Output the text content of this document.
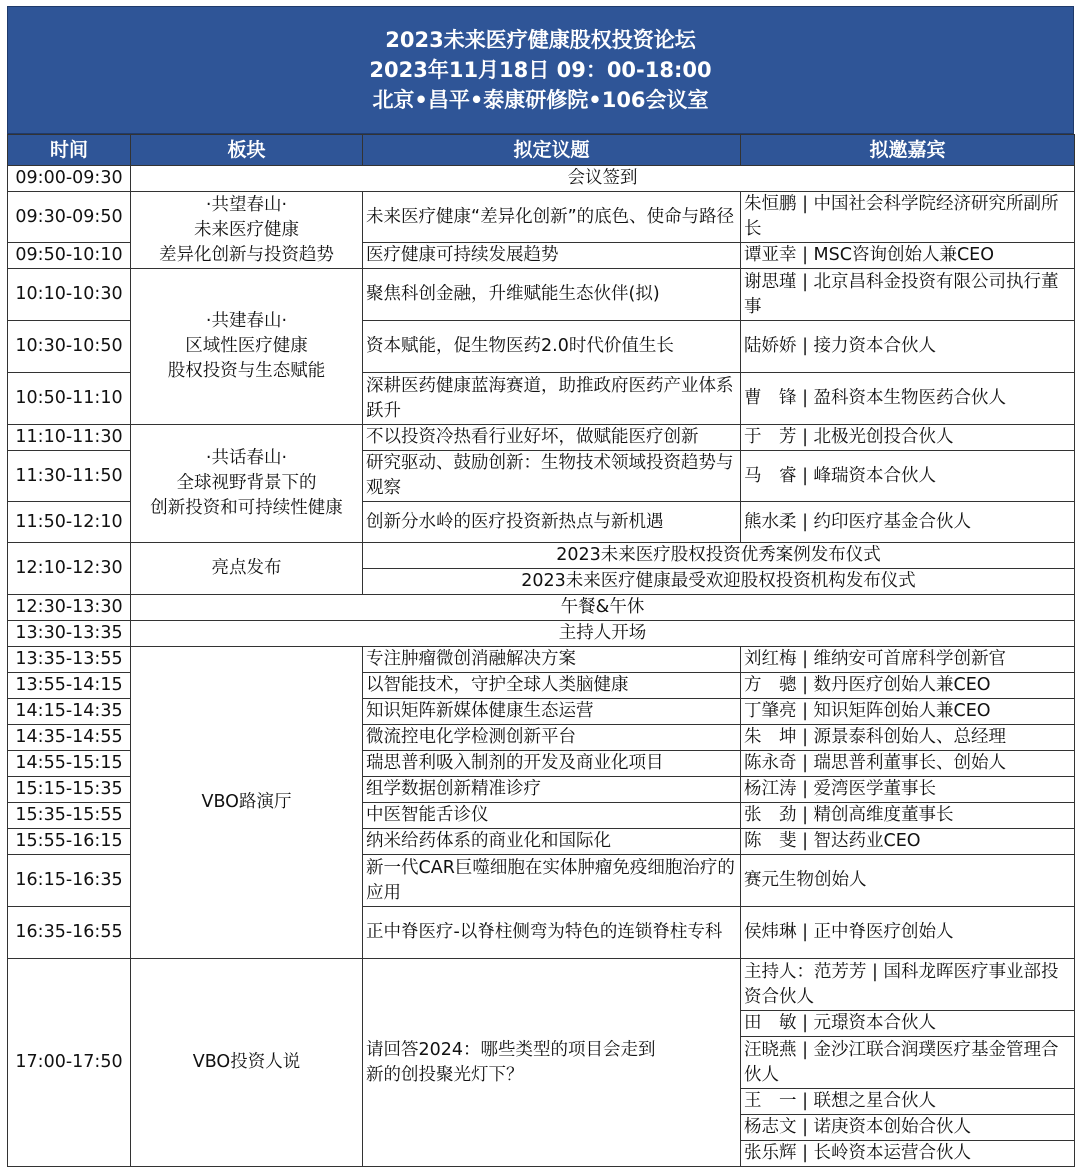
2023未来医疗健康股权投资论坛
2023年11月18日 09：00-18:00
北京•昌平•泰康研修院•106会议室
时间	板块	拟定议题	拟邀嘉宾
09:00-09:30	会议签到		
09:30-09:50	·共望春山·
未来医疗健康
差异化创新与投资趋势	未来医疗健康“差异化创新”的底色、使命与路径	朱恒鹏 | 中国社会科学院经济研究所副所长
09:50-10:10		医疗健康可持续发展趋势	谭亚幸 | MSC咨询创始人兼CEO
10:10-10:30	·共建春山·
区域性医疗健康
股权投资与生态赋能	聚焦科创金融，升维赋能生态伙伴(拟)	谢思瑾 | 北京昌科金投资有限公司执行董事
10:30-10:50		资本赋能，促生物医药2.0时代价值生长	陆娇娇 | 接力资本合伙人
10:50-11:10		深耕医药健康蓝海赛道，助推政府医药产业体系跃升	曹　锋 | 盈科资本生物医药合伙人
11:10-11:30	·共话春山·
全球视野背景下的
创新投资和可持续性健康	不以投资冷热看行业好坏，做赋能医疗创新	于　芳 | 北极光创投合伙人
11:30-11:50		研究驱动、鼓励创新：生物技术领域投资趋势与观察	马　睿 | 峰瑞资本合伙人
11:50-12:10		创新分水岭的医疗投资新热点与新机遇	熊水柔 | 约印医疗基金合伙人
12:10-12:30	亮点发布	2023未来医疗股权投资优秀案例发布仪式	
		2023未来医疗健康最受欢迎股权投资机构发布仪式	
12:30-13:30	午餐&午休		
13:30-13:35	主持人开场		
13:35-13:55	VBO路演厅	专注肿瘤微创消融解决方案	刘红梅 | 维纳安可首席科学创新官
13:55-14:15		以智能技术，守护全球人类脑健康	方　骢 | 数丹医疗创始人兼CEO
14:15-14:35		知识矩阵新媒体健康生态运营	丁肇亮 | 知识矩阵创始人兼CEO
14:35-14:55		微流控电化学检测创新平台	朱　坤 | 源景泰科创始人、总经理
14:55-15:15		瑞思普利吸入制剂的开发及商业化项目	陈永奇 | 瑞思普利董事长、创始人
15:15-15:35		组学数据创新精准诊疗	杨江涛 | 爱湾医学董事长
15:35-15:55		中医智能舌诊仪	张　劲 | 精创高维度董事长
15:55-16:15		纳米给药体系的商业化和国际化	陈　斐 | 智达药业CEO
16:15-16:35		新一代CAR巨噬细胞在实体肿瘤免疫细胞治疗的应用	赛元生物创始人
16:35-16:55		正中脊医疗-以脊柱侧弯为特色的连锁脊柱专科	侯炜琳 | 正中脊医疗创始人
17:00-17:50	VBO投资人说	请回答2024：哪些类型的项目会走到
新的创投聚光灯下？	主持人：范芳芳 | 国科龙晖医疗事业部投资合伙人
			田　敏 | 元璟资本合伙人
			汪晓燕 | 金沙江联合润璞医疗基金管理合伙人
			王　一 | 联想之星合伙人
			杨志文 | 诺庚资本创始合伙人
			张乐辉 | 长岭资本运营合伙人
